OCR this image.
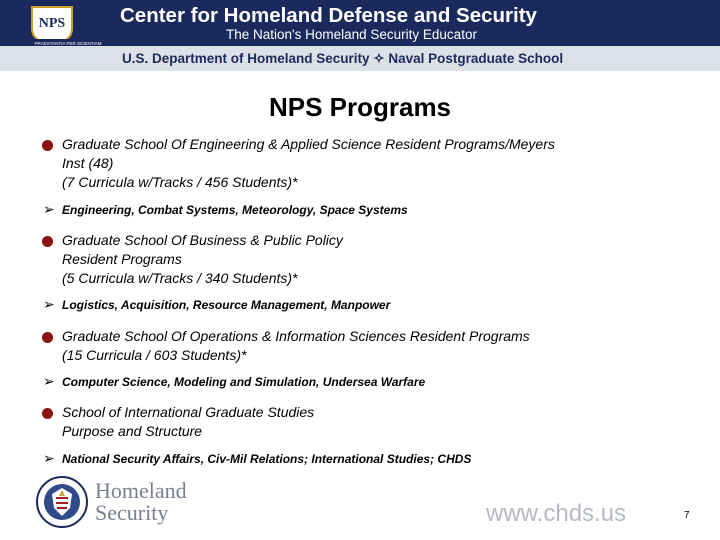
NPS
PRAESTANTIA PER SCIENTIAM
Center for Homeland Defense and Security
The Nation's Homeland Security Educator
U.S. Department of Homeland Security ✧ Naval Postgraduate School
NPS Programs
Graduate School Of Engineering & Applied Science Resident Programs/Meyers
Inst (48)
(7 Curricula w/Tracks / 456 Students)*
➢ Engineering, Combat Systems, Meteorology, Space Systems
Graduate School Of Business & Public Policy
Resident Programs
(5 Curricula w/Tracks / 340 Students)*
➢ Logistics, Acquisition, Resource Management, Manpower
Graduate School Of Operations & Information Sciences Resident Programs
(15 Curricula / 603 Students)*
➢ Computer Science, Modeling and Simulation, Undersea Warfare
School of International Graduate Studies
Purpose and Structure
➢ National Security Affairs, Civ-Mil Relations; International Studies; CHDS
Homeland
Security	www.chds.us	7
